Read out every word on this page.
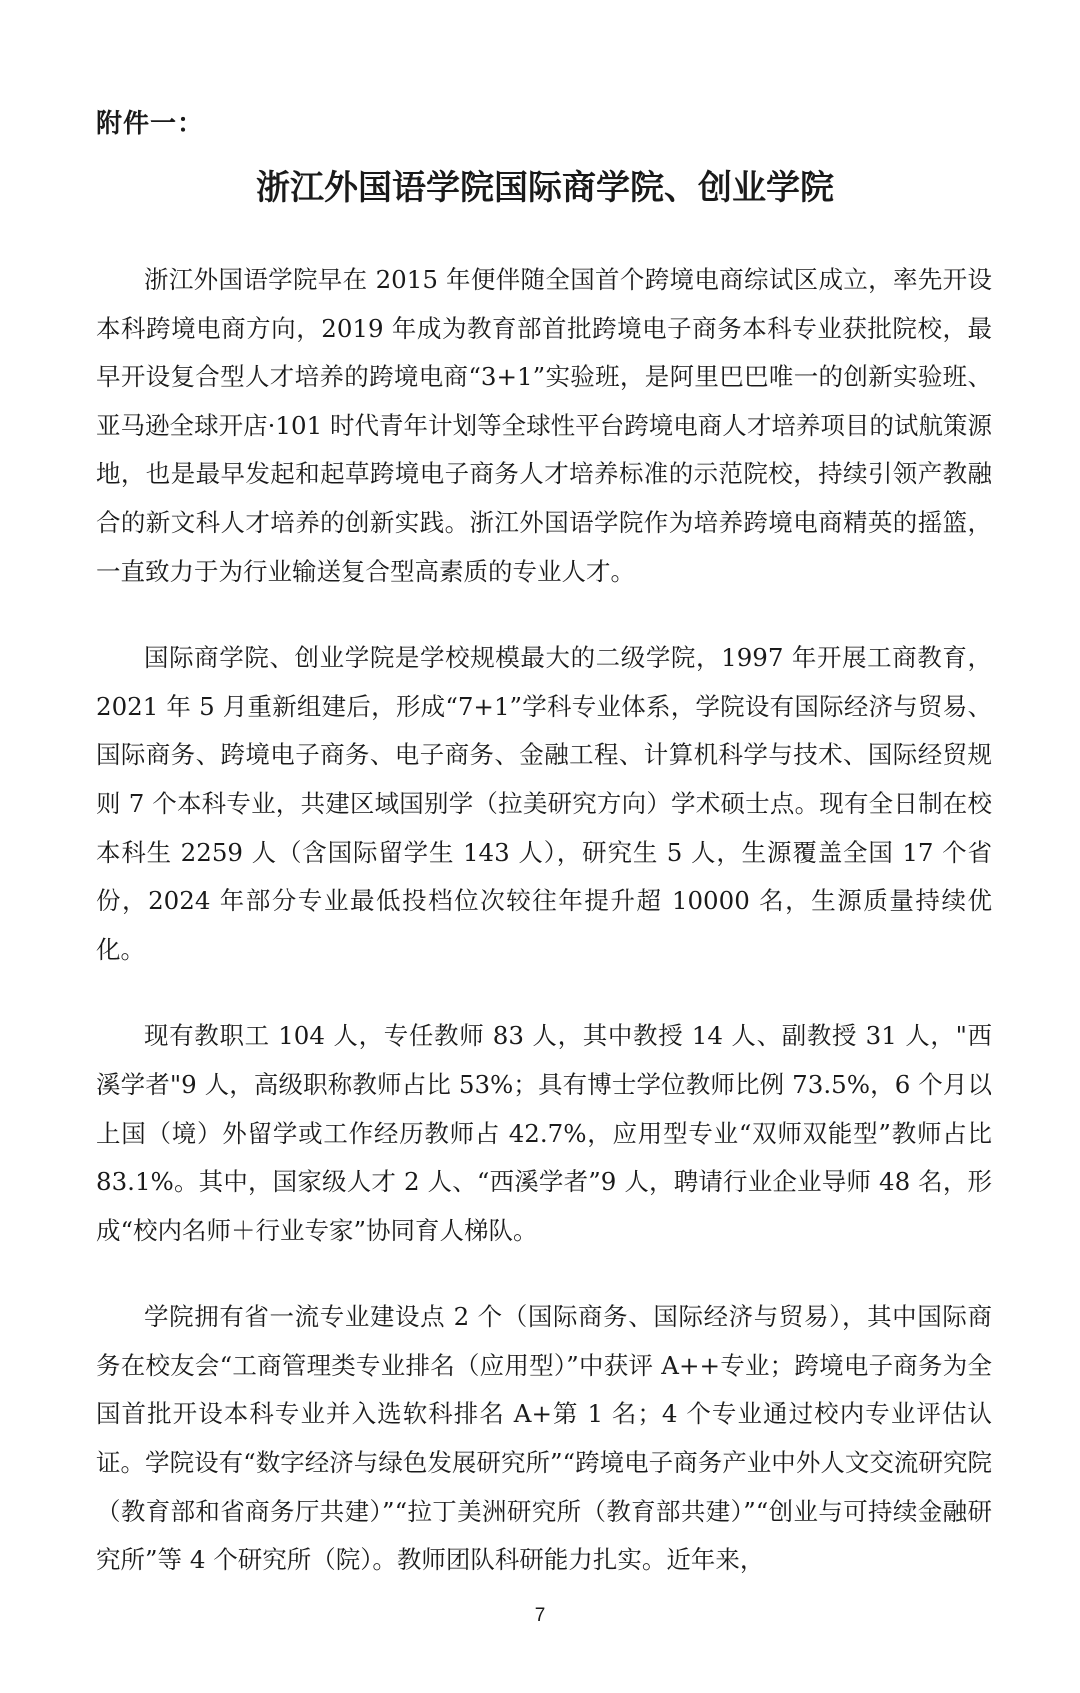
附件一：
浙江外国语学院国际商学院、创业学院

浙江外国语学院早在 2015 年便伴随全国首个跨境电商综试区成立，率先开设本科跨境电商方向，2019 年成为教育部首批跨境电子商务本科专业获批院校，最早开设复合型人才培养的跨境电商“3+1”实验班，是阿里巴巴唯一的创新实验班、亚马逊全球开店·101 时代青年计划等全球性平台跨境电商人才培养项目的试航策源地，也是最早发起和起草跨境电子商务人才培养标准的示范院校，持续引领产教融合的新文科人才培养的创新实践。浙江外国语学院作为培养跨境电商精英的摇篮，一直致力于为行业输送复合型高素质的专业人才。

国际商学院、创业学院是学校规模最大的二级学院，1997 年开展工商教育，2021 年 5 月重新组建后，形成“7+1”学科专业体系，学院设有国际经济与贸易、国际商务、跨境电子商务、电子商务、金融工程、计算机科学与技术、国际经贸规则 7 个本科专业，共建区域国别学（拉美研究方向）学术硕士点。现有全日制在校本科生 2259 人（含国际留学生 143 人），研究生 5 人，生源覆盖全国 17 个省份，2024 年部分专业最低投档位次较往年提升超 10000 名，生源质量持续优化。

现有教职工 104 人，专任教师 83 人，其中教授 14 人、副教授 31 人，"西溪学者"9 人，高级职称教师占比 53%；具有博士学位教师比例 73.5%，6 个月以上国（境）外留学或工作经历教师占 42.7%，应用型专业“双师双能型”教师占比 83.1%。其中，国家级人才 2 人、“西溪学者”9 人，聘请行业企业导师 48 名，形成“校内名师＋行业专家”协同育人梯队。

学院拥有省一流专业建设点 2 个（国际商务、国际经济与贸易），其中国际商务在校友会“工商管理类专业排名（应用型）”中获评 A++专业；跨境电子商务为全国首批开设本科专业并入选软科排名 A+第 1 名；4 个专业通过校内专业评估认证。学院设有“数字经济与绿色发展研究所”“跨境电子商务产业中外人文交流研究院（教育部和省商务厅共建）”“拉丁美洲研究所（教育部共建）”“创业与可持续金融研究所”等 4 个研究所（院）。教师团队科研能力扎实。近年来，

7
